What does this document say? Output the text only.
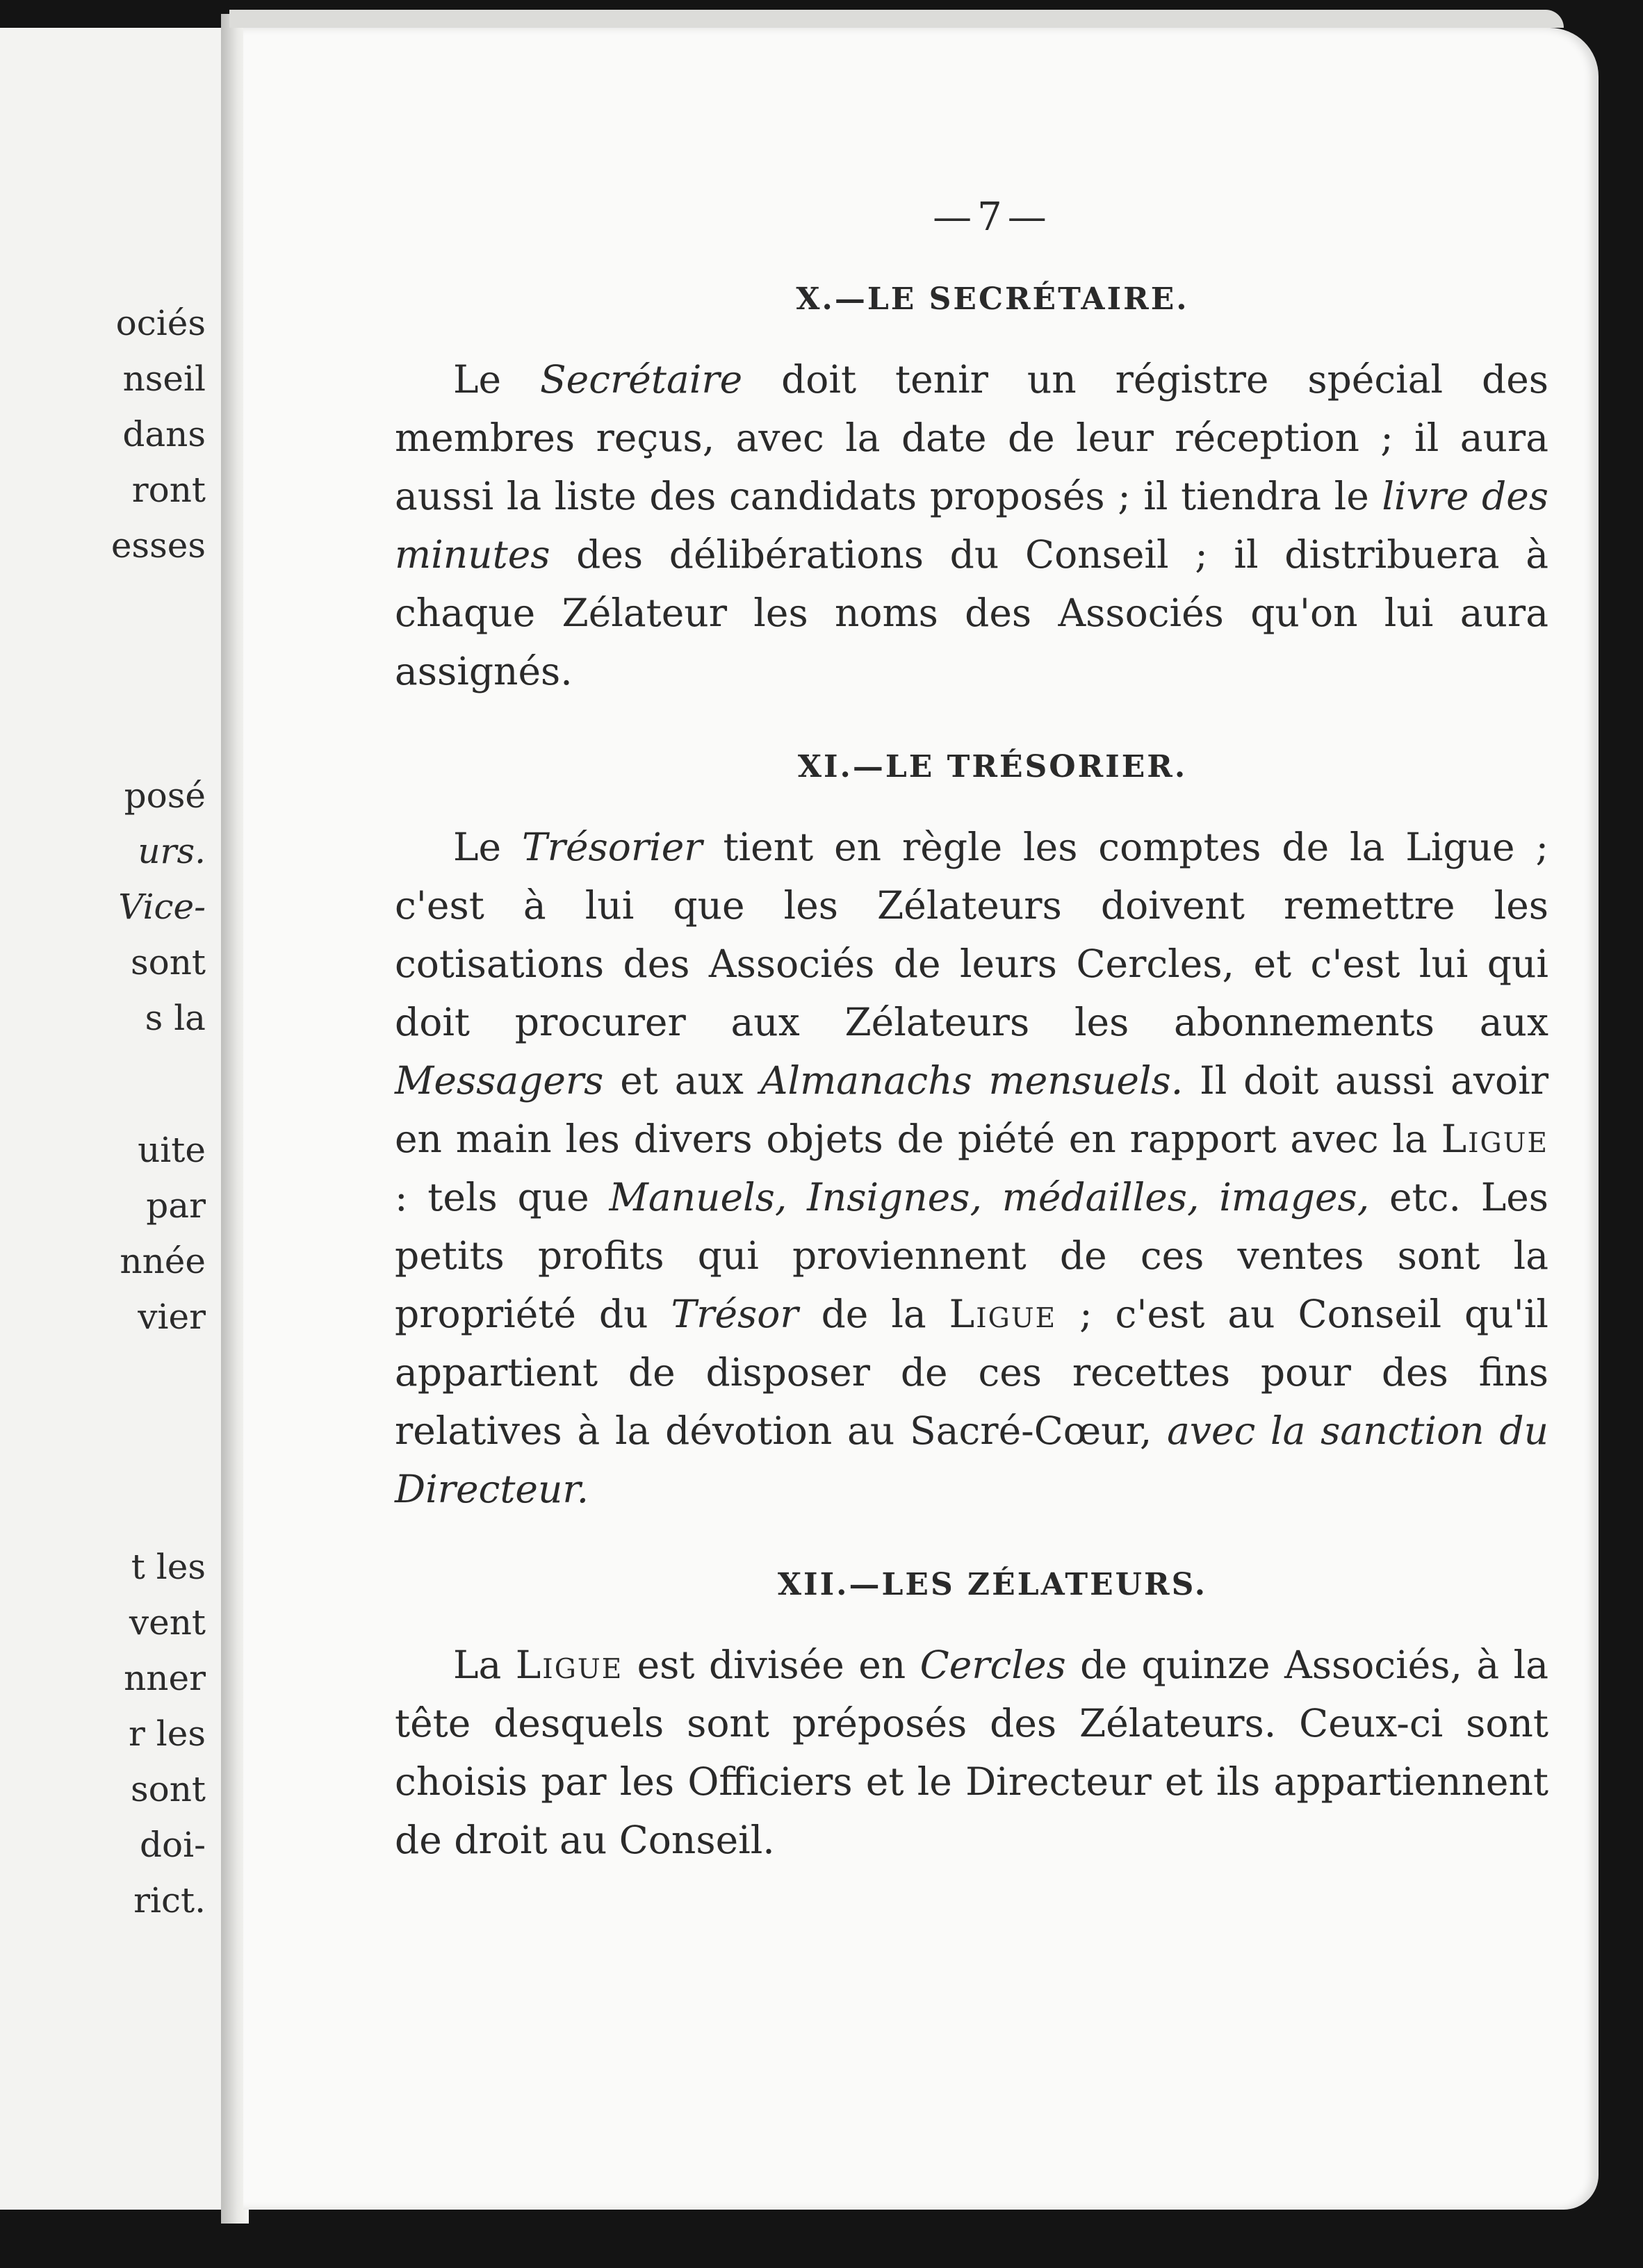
ociés
nseil
dans
ront
esses
posé
urs.
Vice-
sont
s la
uite
par
nnée
vier
t les
vent
nner
r les
sont
doi-
rict.
—7—
X.—LE SECRÉTAIRE.

Le Secrétaire doit tenir un régistre spécial des membres reçus, avec la date de leur réception ; il aura aussi la liste des candidats proposés ; il tiendra le livre des minutes des délibérations du Conseil ; il distribuera à chaque Zélateur les noms des Associés qu'on lui aura assignés.

XI.—LE TRÉSORIER.

Le Trésorier tient en règle les comptes de la Ligue ; c'est à lui que les Zélateurs doivent remettre les cotisations des Associés de leurs Cercles, et c'est lui qui doit procurer aux Zélateurs les abonnements aux Messagers et aux Almanachs mensuels. Il doit aussi avoir en main les divers objets de piété en rapport avec la Ligue : tels que Manuels, Insignes, médailles, images, etc. Les petits profits qui proviennent de ces ventes sont la propriété du Trésor de la Ligue ; c'est au Conseil qu'il appartient de disposer de ces recettes pour des fins relatives à la dévotion au Sacré-Cœur, avec la sanction du Directeur.

XII.—LES ZÉLATEURS.

La Ligue est divisée en Cercles de quinze Associés, à la tête desquels sont préposés des Zélateurs. Ceux-ci sont choisis par les Officiers et le Directeur et ils appartiennent de droit au Conseil.
